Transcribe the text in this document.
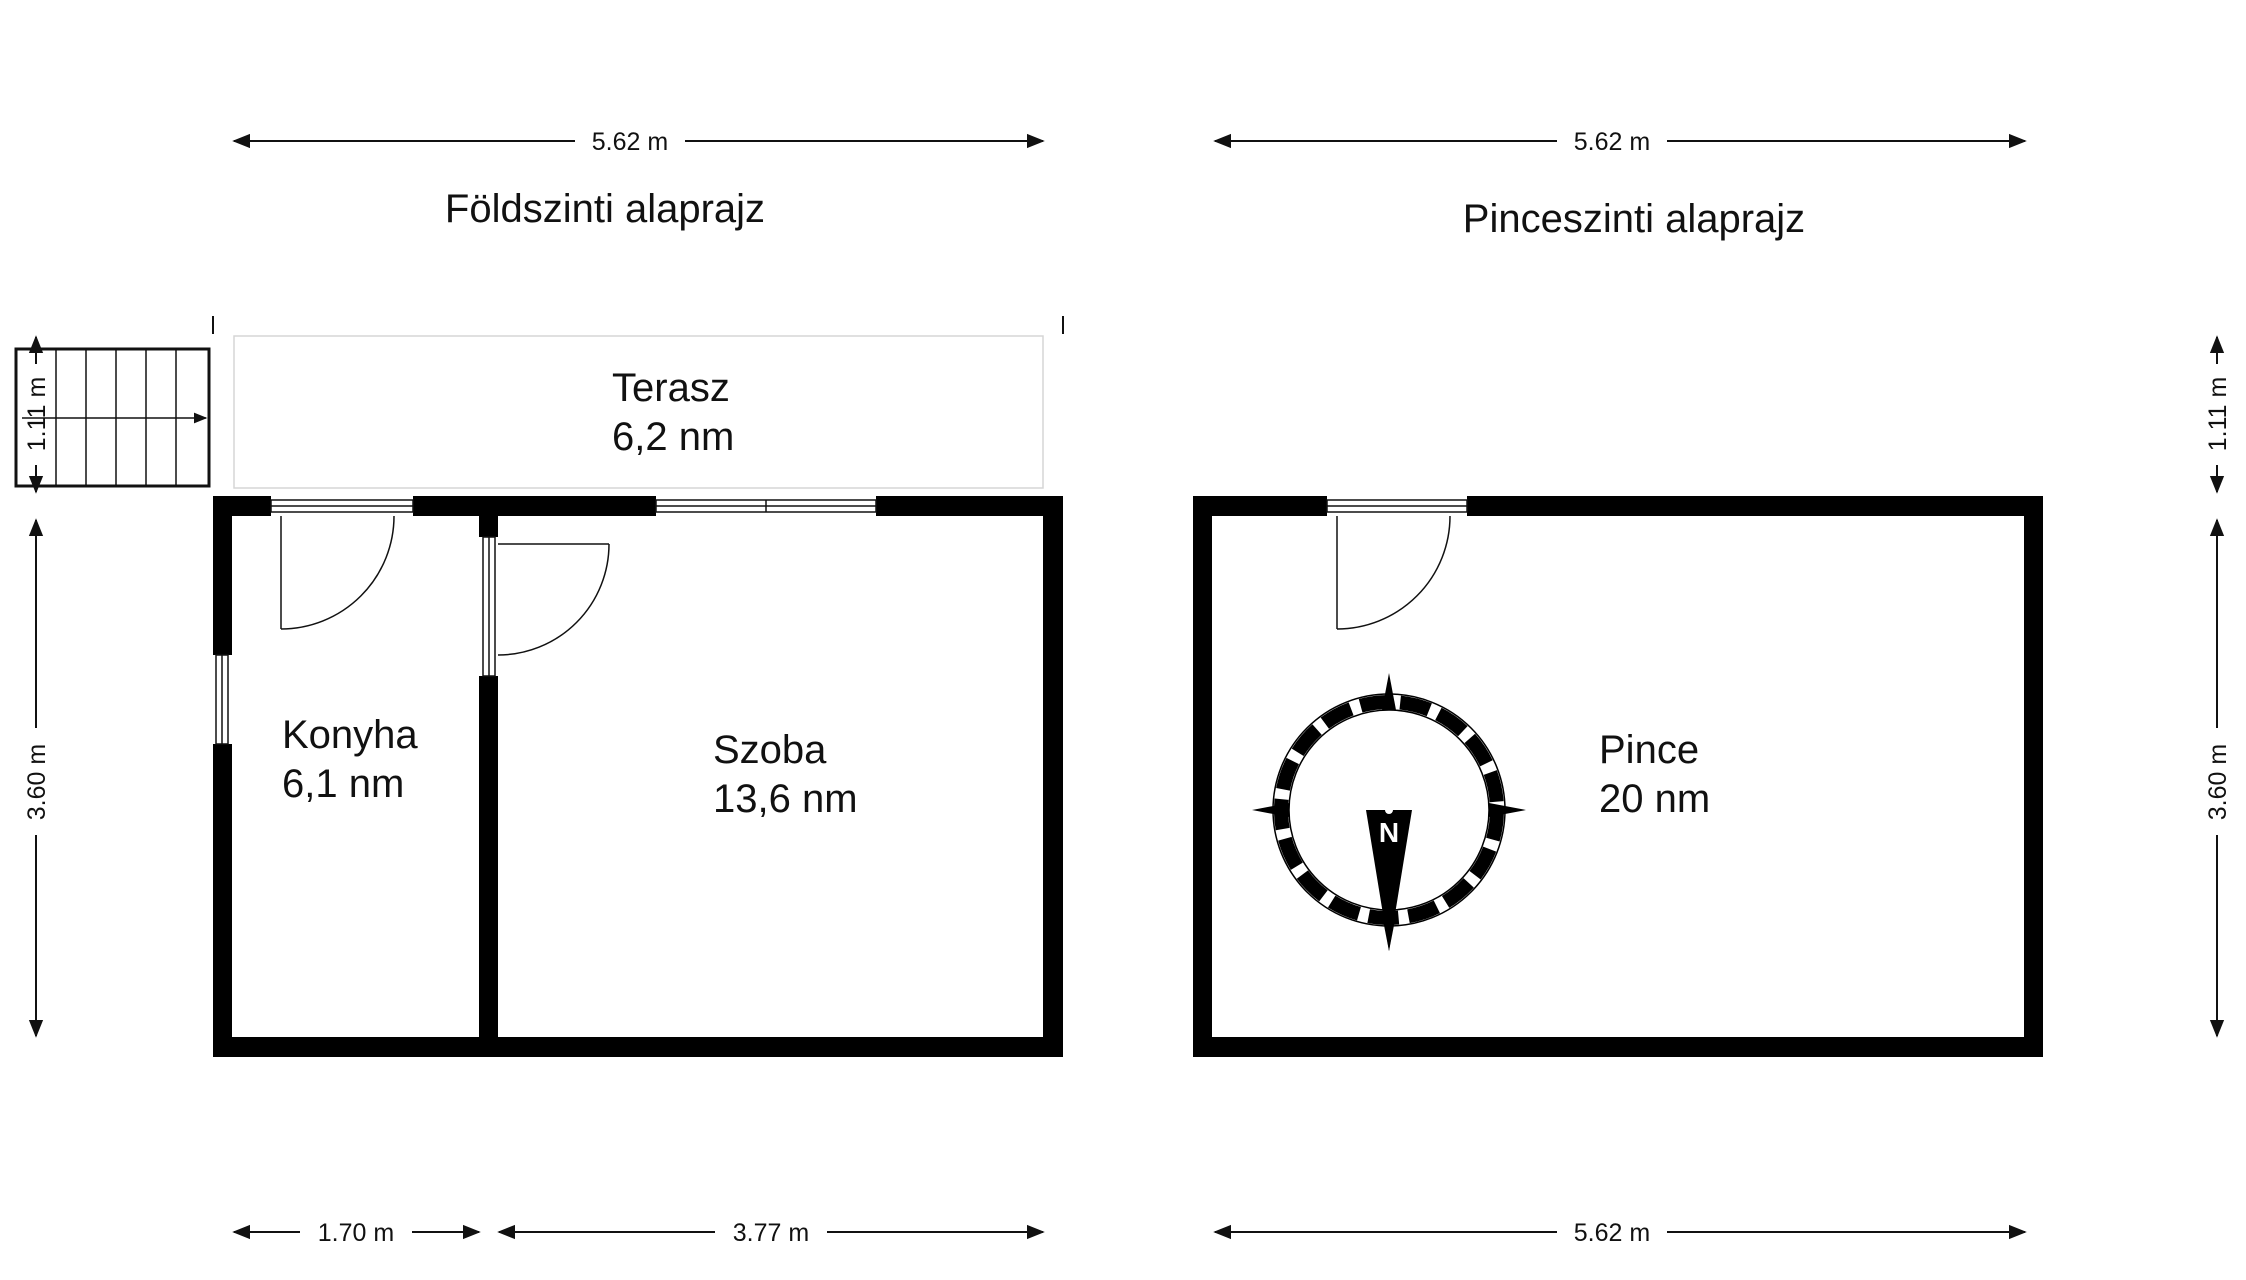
5.62 m
Földszinti alaprajz
1.11 m
3.60 m
Terasz
6,2 nm
Konyha
6,1 nm
Szoba
13,6 nm
1.70 m	3.77 m
5.62 m
Pinceszinti alaprajz
Pince
20 nm
N
1.11 m
3.60 m
5.62 m
